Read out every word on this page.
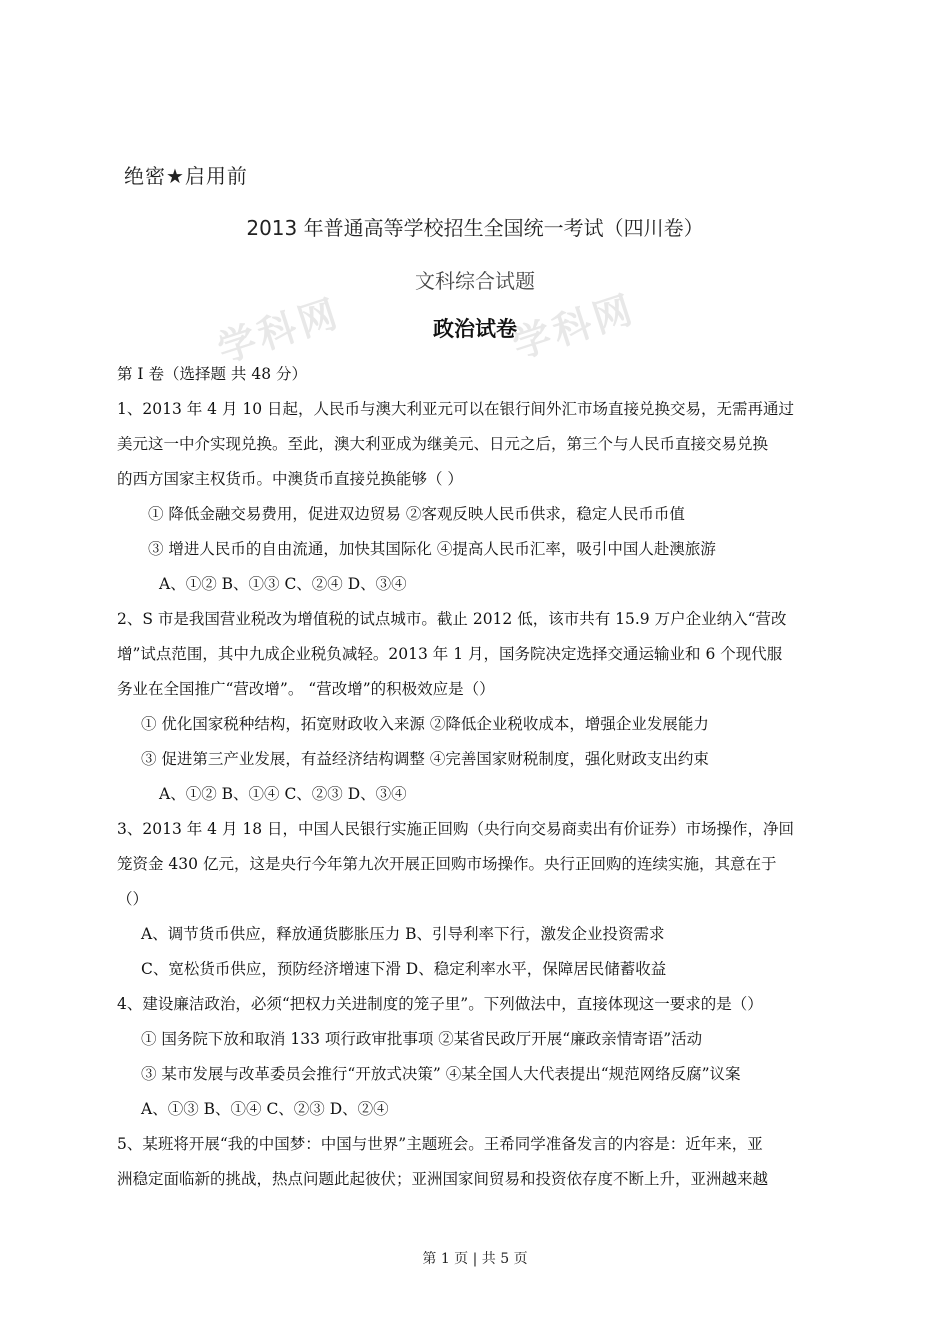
学科网	学科网
绝密★启用前
2013 年普通高等学校招生全国统一考试（四川卷）
文科综合试题
政治试卷
第 I 卷（选择题 共 48 分）
1、2013 年 4 月 10 日起，人民币与澳大利亚元可以在银行间外汇市场直接兑换交易，无需再通过
美元这一中介实现兑换。至此，澳大利亚成为继美元、日元之后，第三个与人民币直接交易兑换
的西方国家主权货币。中澳货币直接兑换能够（ ）
① 降低金融交易费用，促进双边贸易 ②客观反映人民币供求，稳定人民币币值
③ 增进人民币的自由流通，加快其国际化 ④提高人民币汇率，吸引中国人赴澳旅游
A、①② B、①③ C、②④ D、③④
2、S 市是我国营业税改为增值税的试点城市。截止 2012 低，该市共有 15.9 万户企业纳入“营改
增”试点范围，其中九成企业税负减轻。2013 年 1 月，国务院决定选择交通运输业和 6 个现代服
务业在全国推广“营改增”。 “营改增”的积极效应是（）
① 优化国家税种结构，拓宽财政收入来源 ②降低企业税收成本，增强企业发展能力
③ 促进第三产业发展，有益经济结构调整 ④完善国家财税制度，强化财政支出约束
A、①② B、①④ C、②③ D、③④
3、2013 年 4 月 18 日，中国人民银行实施正回购（央行向交易商卖出有价证券）市场操作，净回
笼资金 430 亿元，这是央行今年第九次开展正回购市场操作。央行正回购的连续实施，其意在于
（）
A、调节货币供应，释放通货膨胀压力 B、引导利率下行，激发企业投资需求
C、宽松货币供应，预防经济增速下滑 D、稳定利率水平，保障居民储蓄收益
4、建设廉洁政治，必须“把权力关进制度的笼子里”。下列做法中，直接体现这一要求的是（）
① 国务院下放和取消 133 项行政审批事项 ②某省民政厅开展“廉政亲情寄语”活动
③ 某市发展与改革委员会推行“开放式决策” ④某全国人大代表提出“规范网络反腐”议案
A、①③ B、①④ C、②③ D、②④
5、某班将开展“我的中国梦：中国与世界”主题班会。王希同学准备发言的内容是：近年来，亚
洲稳定面临新的挑战，热点问题此起彼伏；亚洲国家间贸易和投资依存度不断上升，亚洲越来越
第 1 页 | 共 5 页
